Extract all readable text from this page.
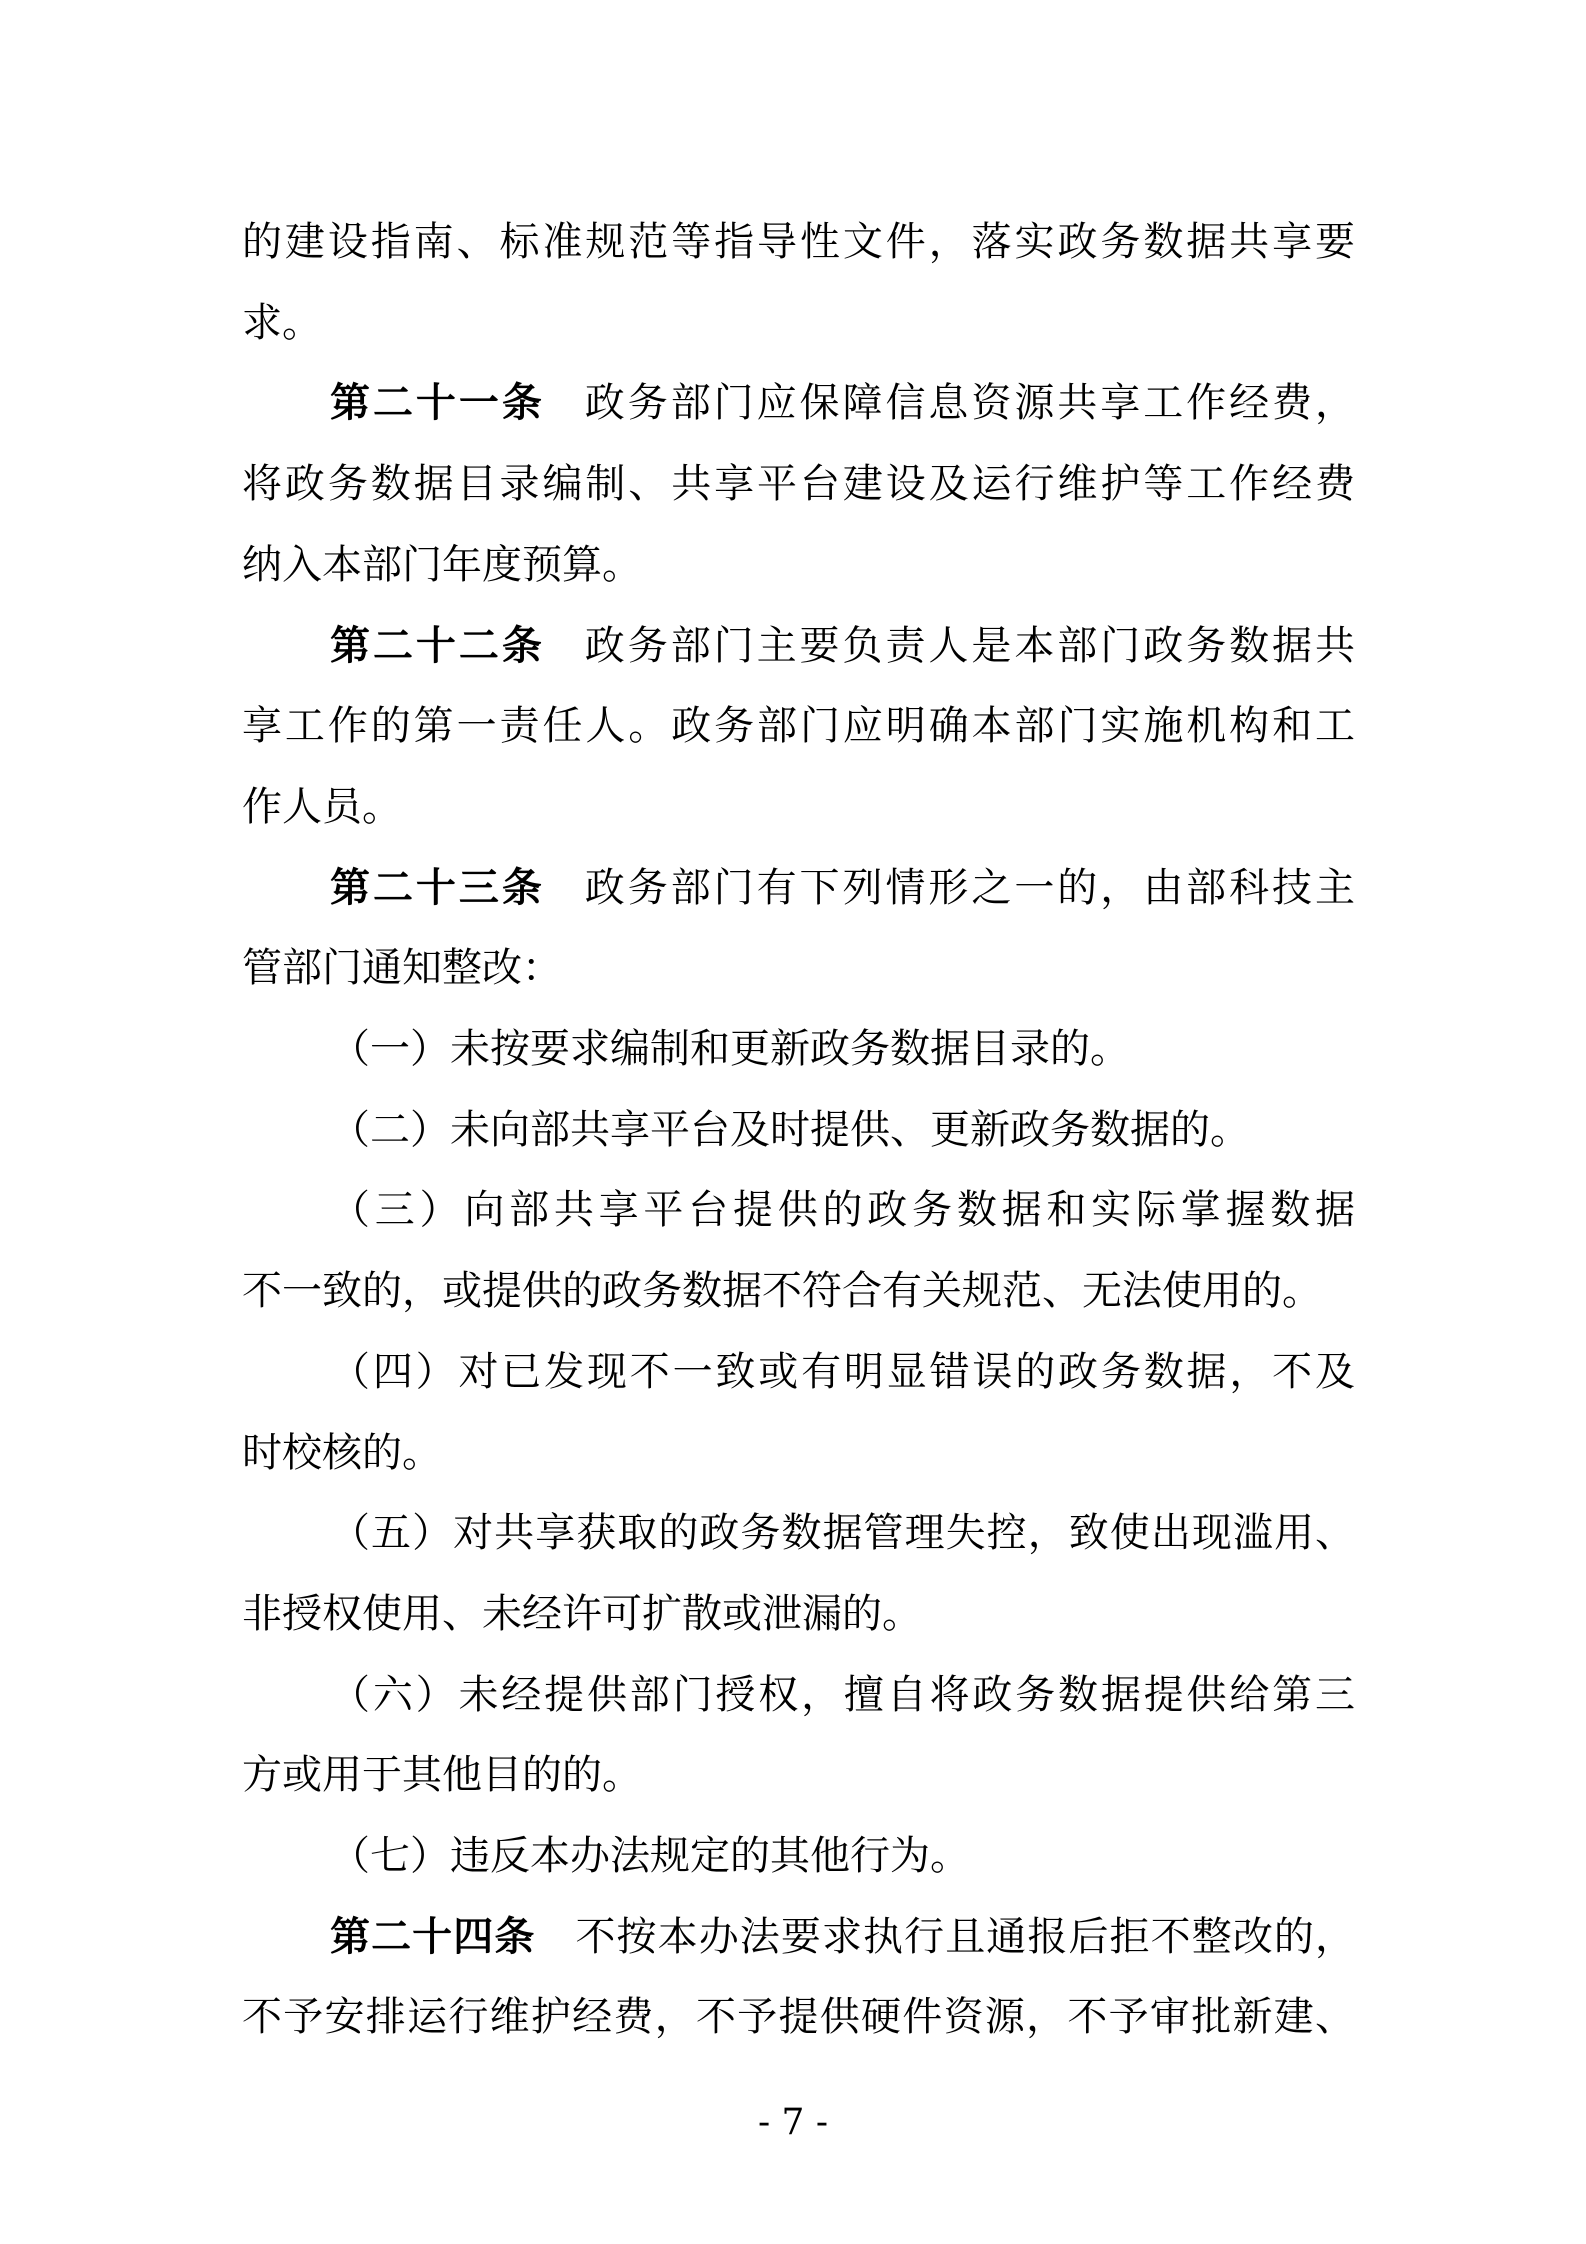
的建设指南、标准规范等指导性文件，落实政务数据共享要
求。
第二十一条 政务部门应保障信息资源共享工作经费，
将政务数据目录编制、共享平台建设及运行维护等工作经费
纳入本部门年度预算。
第二十二条 政务部门主要负责人是本部门政务数据共
享工作的第一责任人。政务部门应明确本部门实施机构和工
作人员。
第二十三条 政务部门有下列情形之一的，由部科技主
管部门通知整改：
（一）未按要求编制和更新政务数据目录的。
（二）未向部共享平台及时提供、更新政务数据的。
（三）向部共享平台提供的政务数据和实际掌握数据
不一致的，或提供的政务数据不符合有关规范、无法使用的。
（四）对已发现不一致或有明显错误的政务数据，不及
时校核的。
（五）对共享获取的政务数据管理失控，致使出现滥用、
非授权使用、未经许可扩散或泄漏的。
（六）未经提供部门授权，擅自将政务数据提供给第三
方或用于其他目的的。
（七）违反本办法规定的其他行为。
第二十四条 不按本办法要求执行且通报后拒不整改的，
不予安排运行维护经费，不予提供硬件资源，不予审批新建、
- 7 -
